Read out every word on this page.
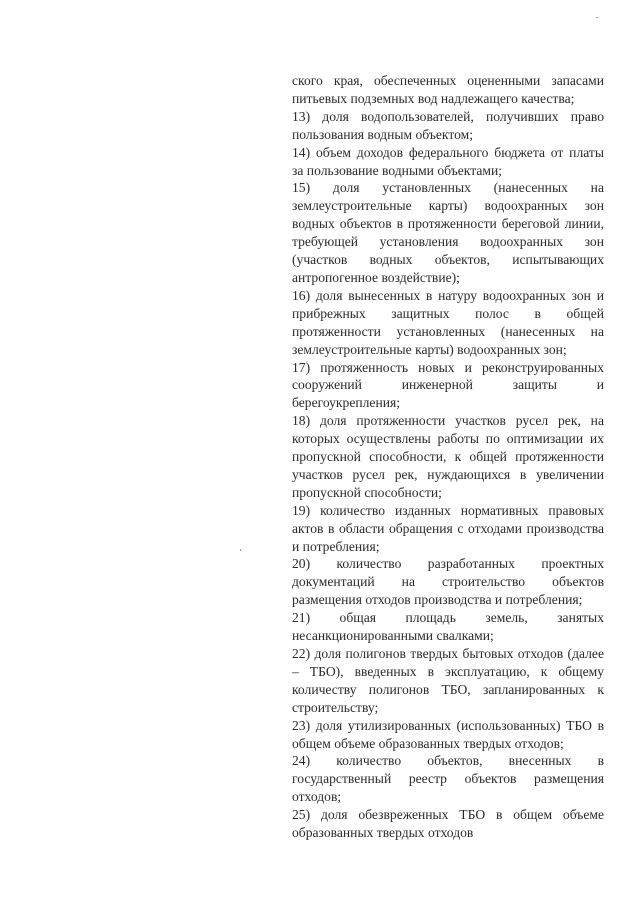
ского края, обеспеченных оцененными запасами питьевых подземных вод надлежащего качества;

13) доля водопользователей, получивших право пользования водным объектом;

14) объем доходов федерального бюджета от платы за пользование водными объектами;

15) доля установленных (нанесенных на землеустроительные карты) водоохранных зон водных объектов в протяженности береговой линии, требующей установления водоохранных зон (участков водных объектов, испытывающих антропогенное воздействие);

16) доля вынесенных в натуру водоохранных зон и прибрежных защитных полос в общей протяженности установленных (нанесенных на землеустроительные карты) водоохранных зон;

17) протяженность новых и реконструированных сооружений инженерной защиты и берегоукрепления;

18) доля протяженности участков русел рек, на которых осуществлены работы по оптимизации их пропускной способности, к общей протяженности участков русел рек, нуждающихся в увеличении пропускной способности;

19) количество изданных нормативных правовых актов в области обращения с отходами производства и потребления;

20) количество разработанных проектных документаций на строительство объектов размещения отходов производства и потребления;

21) общая площадь земель, занятых несанкционированными свалками;

22) доля полигонов твердых бытовых отходов (далее – ТБО), введенных в эксплуатацию, к общему количеству полигонов ТБО, запланированных к строительству;

23) доля утилизированных (использованных) ТБО в общем объеме образованных твердых отходов;

24) количество объектов, внесенных в государственный реестр объектов размещения отходов;

25) доля обезвреженных ТБО в общем объеме образованных твердых отходов
